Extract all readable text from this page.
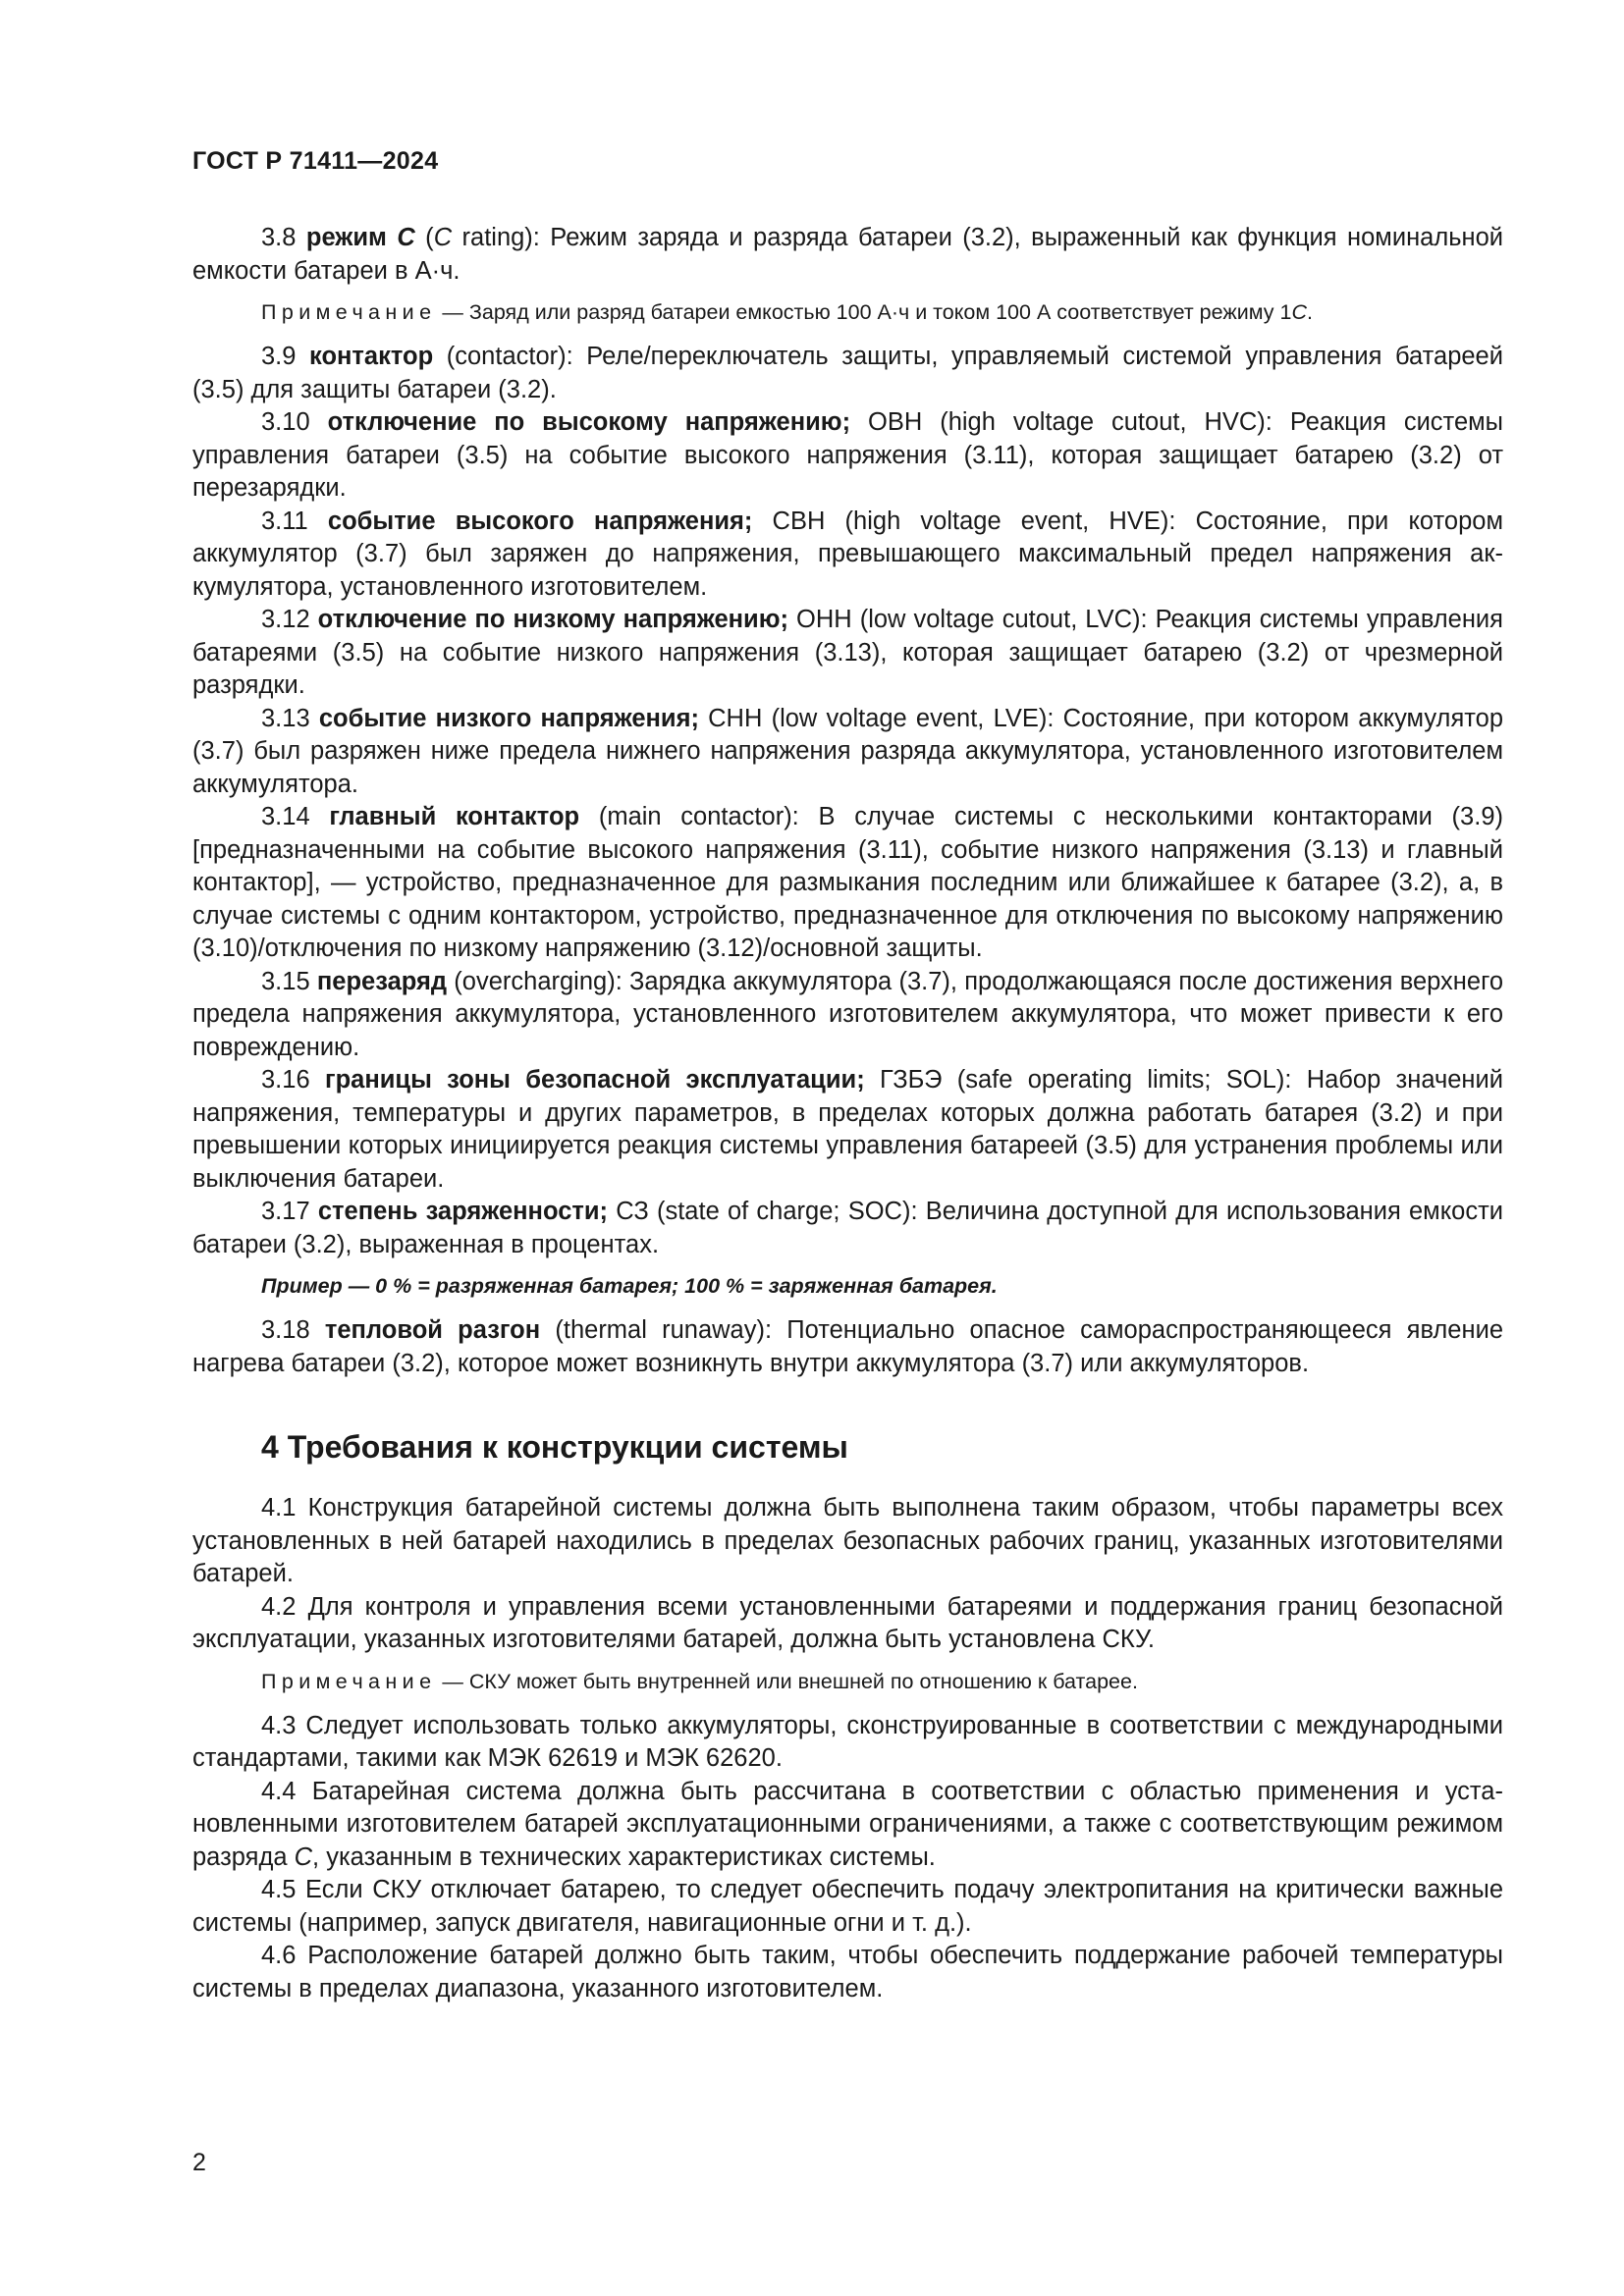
ГОСТ Р 71411—2024

3.8 режим C (C rating): Режим заряда и разряда батареи (3.2), выраженный как функция номинальной емкости батареи в А·ч.

Примечание — Заряд или разряд батареи емкостью 100 А·ч и током 100 А соответствует режиму 1C.

3.9 контактор (contactor): Реле/переключатель защиты, управляемый системой управления батареей (3.5) для защиты батареи (3.2).

3.10 отключение по высокому напряжению; ОВН (high voltage cutout, HVC): Реакция системы управления батареи (3.5) на событие высокого напряжения (3.11), которая защищает батарею (3.2) от перезарядки.

3.11 событие высокого напряжения; СВН (high voltage event, HVE): Состояние, при котором аккумулятор (3.7) был заряжен до напряжения, превышающего максимальный предел напряжения аккумулятора, установленного изготовителем.

3.12 отключение по низкому напряжению; ОНН (low voltage cutout, LVC): Реакция системы управления батареями (3.5) на событие низкого напряжения (3.13), которая защищает батарею (3.2) от чрезмерной разрядки.

3.13 событие низкого напряжения; СНН (low voltage event, LVE): Состояние, при котором аккумулятор (3.7) был разряжен ниже предела нижнего напряжения разряда аккумулятора, установленного изготовителем аккумулятора.

3.14 главный контактор (main contactor): В случае системы с несколькими контакторами (3.9) [предназначенными на событие высокого напряжения (3.11), событие низкого напряжения (3.13) и главный контактор], — устройство, предназначенное для размыкания последним или ближайшее к батарее (3.2), а, в случае системы с одним контактором, устройство, предназначенное для отключения по высокому напряжению (3.10)/отключения по низкому напряжению (3.12)/основной защиты.

3.15 перезаряд (overcharging): Зарядка аккумулятора (3.7), продолжающаяся после достижения верхнего предела напряжения аккумулятора, установленного изготовителем аккумулятора, что может привести к его повреждению.

3.16 границы зоны безопасной эксплуатации; ГЗБЭ (safe operating limits; SOL): Набор значений напряжения, температуры и других параметров, в пределах которых должна работать батарея (3.2) и при превышении которых инициируется реакция системы управления батареей (3.5) для устранения проблемы или выключения батареи.

3.17 степень заряженности; СЗ (state of charge; SOC): Величина доступной для использования емкости батареи (3.2), выраженная в процентах.

Пример — 0 % = разряженная батарея; 100 % = заряженная батарея.

3.18 тепловой разгон (thermal runaway): Потенциально опасное самораспространяющееся явление нагрева батареи (3.2), которое может возникнуть внутри аккумулятора (3.7) или аккумуляторов.

4 Требования к конструкции системы

4.1 Конструкция батарейной системы должна быть выполнена таким образом, чтобы параметры всех установленных в ней батарей находились в пределах безопасных рабочих границ, указанных изготовителями батарей.

4.2 Для контроля и управления всеми установленными батареями и поддержания границ безопасной эксплуатации, указанных изготовителями батарей, должна быть установлена СКУ.

Примечание — СКУ может быть внутренней или внешней по отношению к батарее.

4.3 Следует использовать только аккумуляторы, сконструированные в соответствии с международными стандартами, такими как МЭК 62619 и МЭК 62620.

4.4 Батарейная система должна быть рассчитана в соответствии с областью применения и установленными изготовителем батарей эксплуатационными ограничениями, а также с соответствующим режимом разряда C, указанным в технических характеристиках системы.

4.5 Если СКУ отключает батарею, то следует обеспечить подачу электропитания на критически важные системы (например, запуск двигателя, навигационные огни и т. д.).

4.6 Расположение батарей должно быть таким, чтобы обеспечить поддержание рабочей температуры системы в пределах диапазона, указанного изготовителем.

2
